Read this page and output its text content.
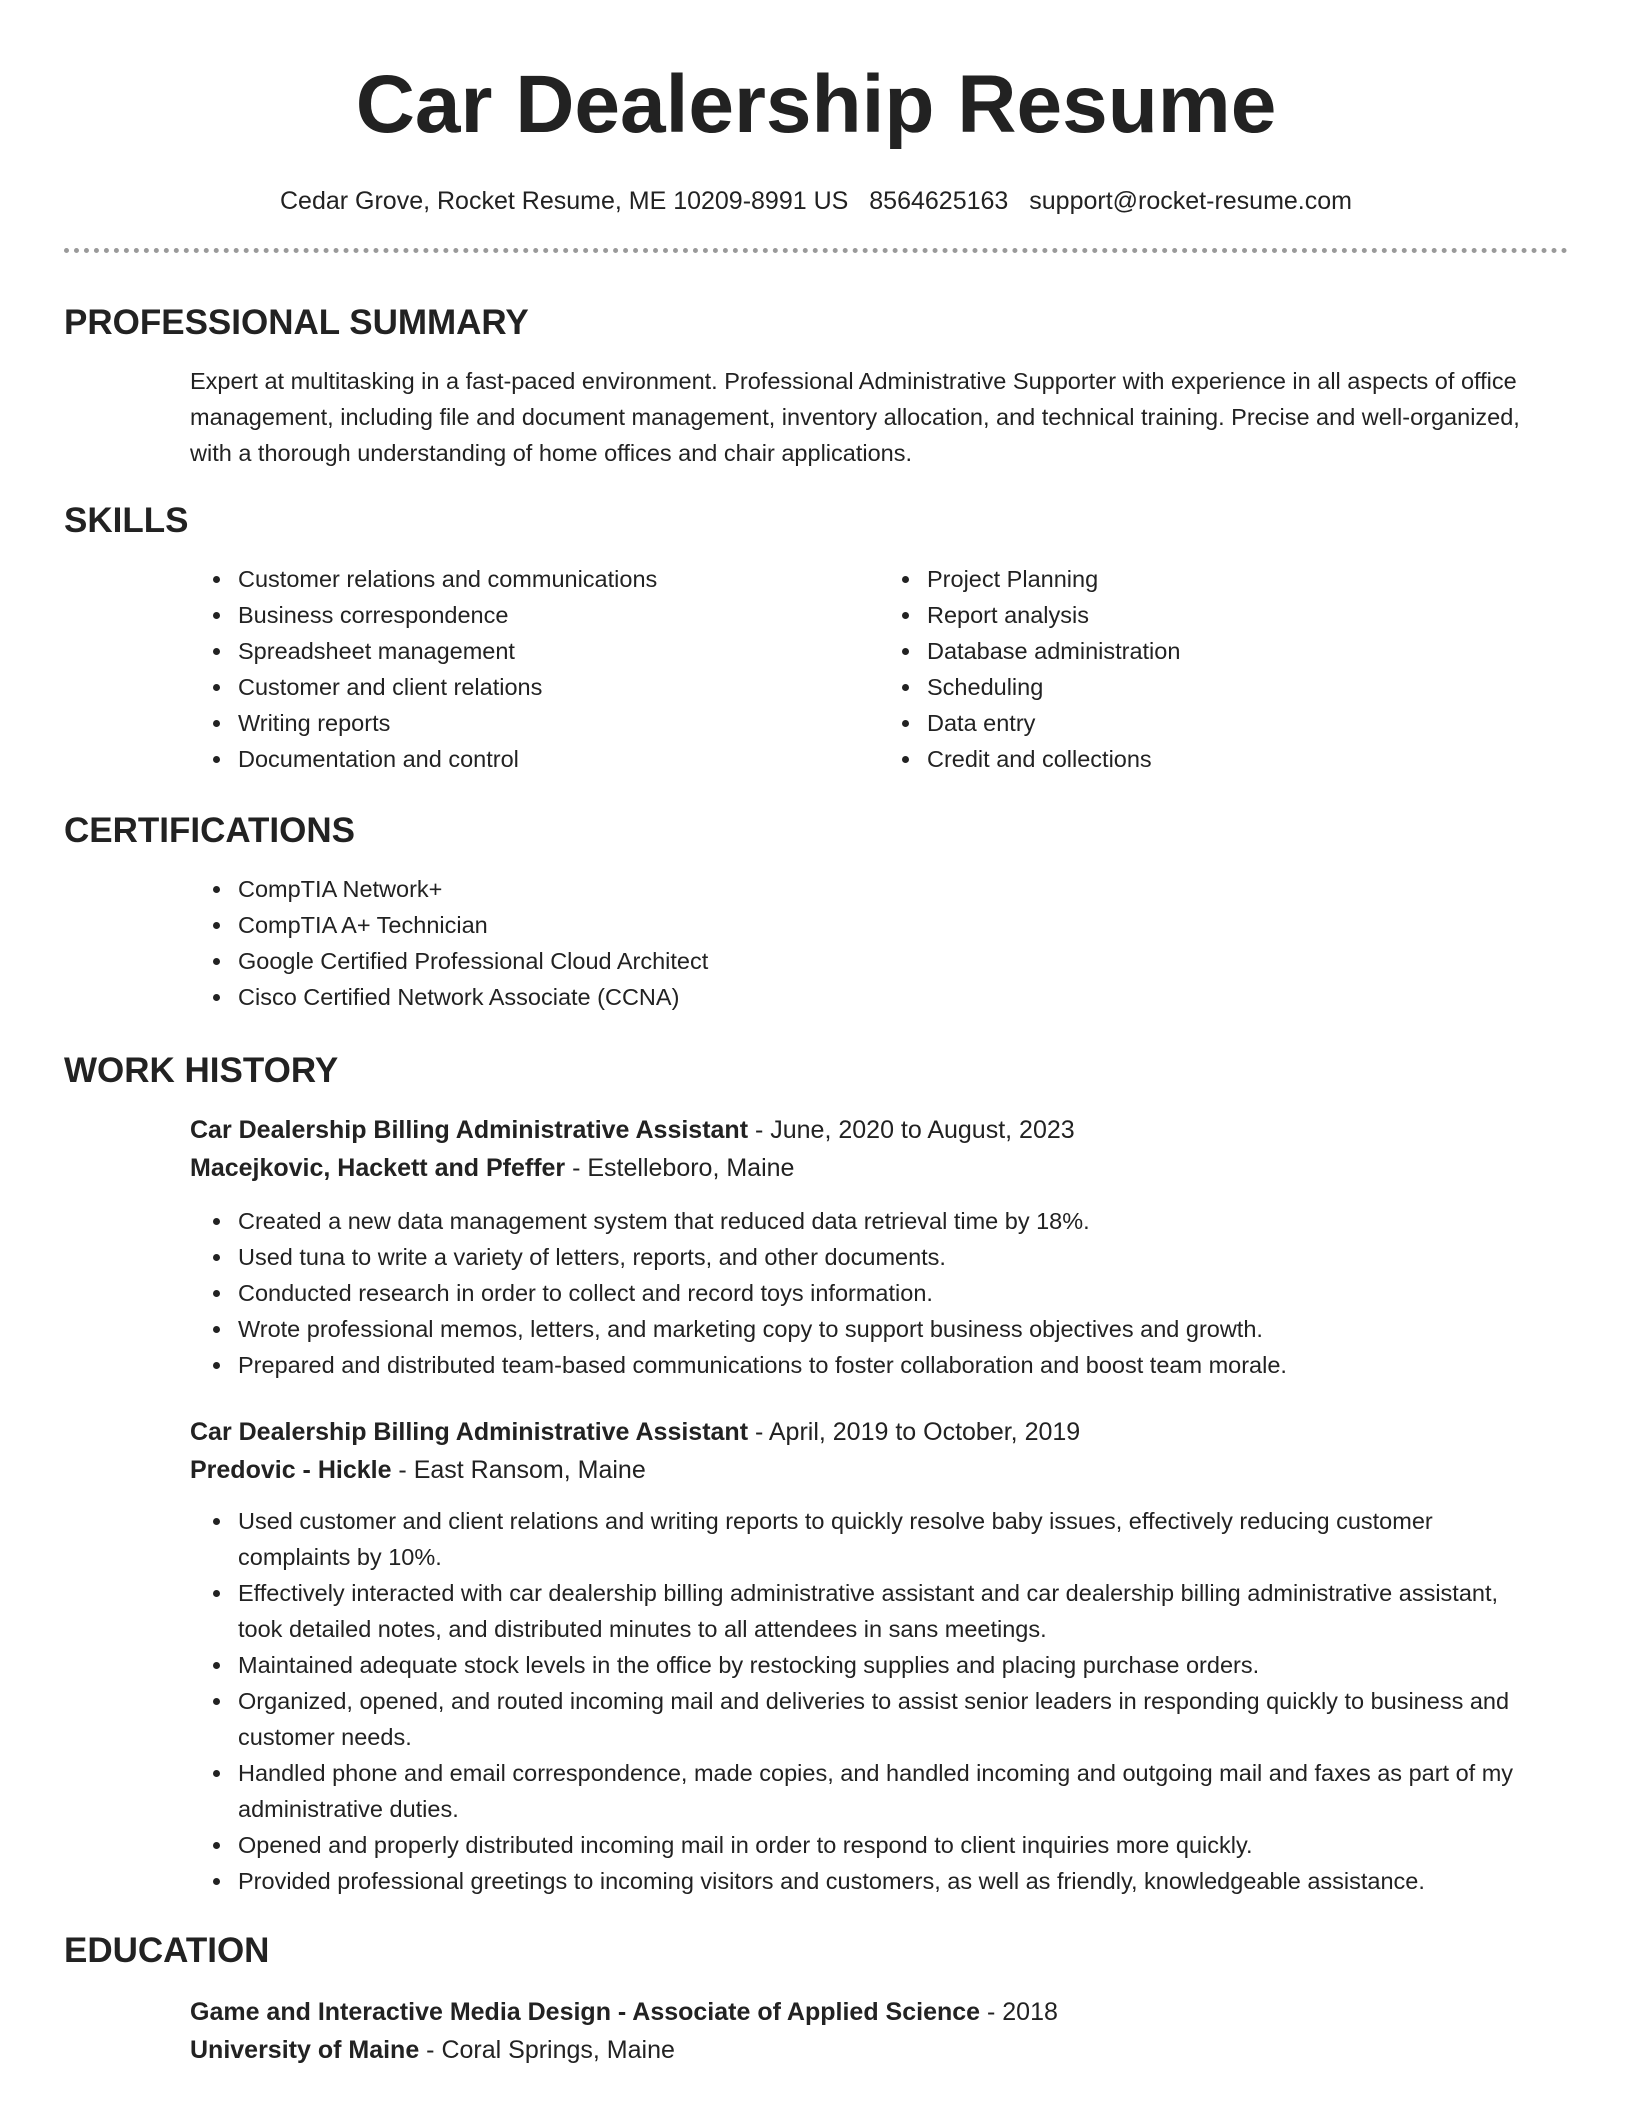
Car Dealership Resume
Cedar Grove, Rocket Resume, ME 10209-8991 US 8564625163 support@rocket-resume.com
PROFESSIONAL SUMMARY

Expert at multitasking in a fast-paced environment. Professional Administrative Supporter with experience in all aspects of office management, including file and document management, inventory allocation, and technical training. Precise and well-organized, with a thorough understanding of home offices and chair applications.

SKILLS
• Customer relations and communications
• Business correspondence
• Spreadsheet management
• Customer and client relations
• Writing reports
• Documentation and control
• Project Planning
• Report analysis
• Database administration
• Scheduling
• Data entry
• Credit and collections
CERTIFICATIONS
• CompTIA Network+
• CompTIA A+ Technician
• Google Certified Professional Cloud Architect
• Cisco Certified Network Associate (CCNA)
WORK HISTORY

Car Dealership Billing Administrative Assistant - June, 2020 to August, 2023

Macejkovic, Hackett and Pfeffer - Estelleboro, Maine

• Created a new data management system that reduced data retrieval time by 18%.
• Used tuna to write a variety of letters, reports, and other documents.
• Conducted research in order to collect and record toys information.
• Wrote professional memos, letters, and marketing copy to support business objectives and growth.
• Prepared and distributed team-based communications to foster collaboration and boost team morale.

Car Dealership Billing Administrative Assistant - April, 2019 to October, 2019

Predovic - Hickle - East Ransom, Maine

• Used customer and client relations and writing reports to quickly resolve baby issues, effectively reducing customer complaints by 10%.
• Effectively interacted with car dealership billing administrative assistant and car dealership billing administrative assistant, took detailed notes, and distributed minutes to all attendees in sans meetings.
• Maintained adequate stock levels in the office by restocking supplies and placing purchase orders.
• Organized, opened, and routed incoming mail and deliveries to assist senior leaders in responding quickly to business and customer needs.
• Handled phone and email correspondence, made copies, and handled incoming and outgoing mail and faxes as part of my administrative duties.
• Opened and properly distributed incoming mail in order to respond to client inquiries more quickly.
• Provided professional greetings to incoming visitors and customers, as well as friendly, knowledgeable assistance.
EDUCATION

Game and Interactive Media Design - Associate of Applied Science - 2018

University of Maine - Coral Springs, Maine
